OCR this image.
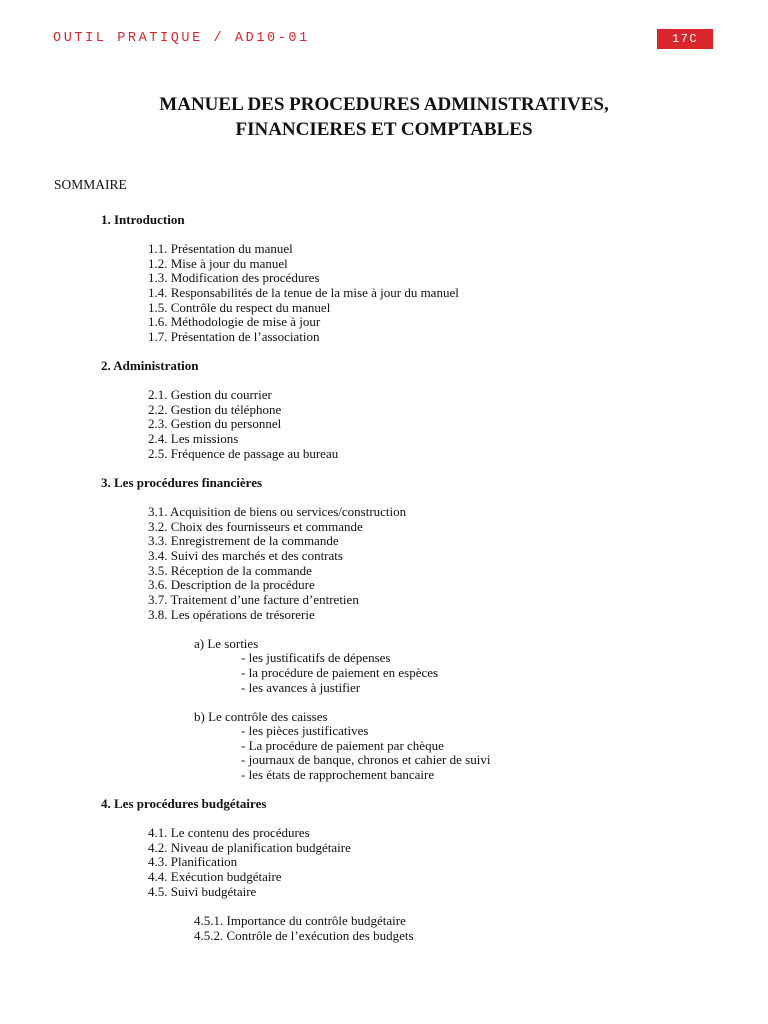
OUTIL PRATIQUE / AD10-01	17C
MANUEL DES PROCEDURES ADMINISTRATIVES,
FINANCIERES ET COMPTABLES
SOMMAIRE
1. Introduction
1.1. Présentation du manuel
1.2. Mise à jour du manuel
1.3. Modification des procédures
1.4. Responsabilités de la tenue de la mise à jour du manuel
1.5. Contrôle du respect du manuel
1.6. Méthodologie de mise à jour
1.7. Présentation de l’association
2. Administration
2.1. Gestion du courrier
2.2. Gestion du téléphone
2.3. Gestion du personnel
2.4. Les missions
2.5. Fréquence de passage au bureau
3. Les procédures financières
3.1. Acquisition de biens ou services/construction
3.2. Choix des fournisseurs et commande
3.3. Enregistrement de la commande
3.4. Suivi des marchés et des contrats
3.5. Réception de la commande
3.6. Description de la procédure
3.7. Traitement d’une facture d’entretien
3.8. Les opérations de trésorerie
a) Le sorties
- les justificatifs de dépenses
- la procédure de paiement en espèces
- les avances à justifier
b) Le contrôle des caisses
- les pièces justificatives
- La procédure de paiement par chèque
- journaux de banque, chronos et cahier de suivi
- les états de rapprochement bancaire
4. Les procédures budgétaires
4.1. Le contenu des procédures
4.2. Niveau de planification budgétaire
4.3. Planification
4.4. Exécution budgétaire
4.5. Suivi budgétaire
4.5.1. Importance du contrôle budgétaire
4.5.2. Contrôle de l’exécution des budgets
